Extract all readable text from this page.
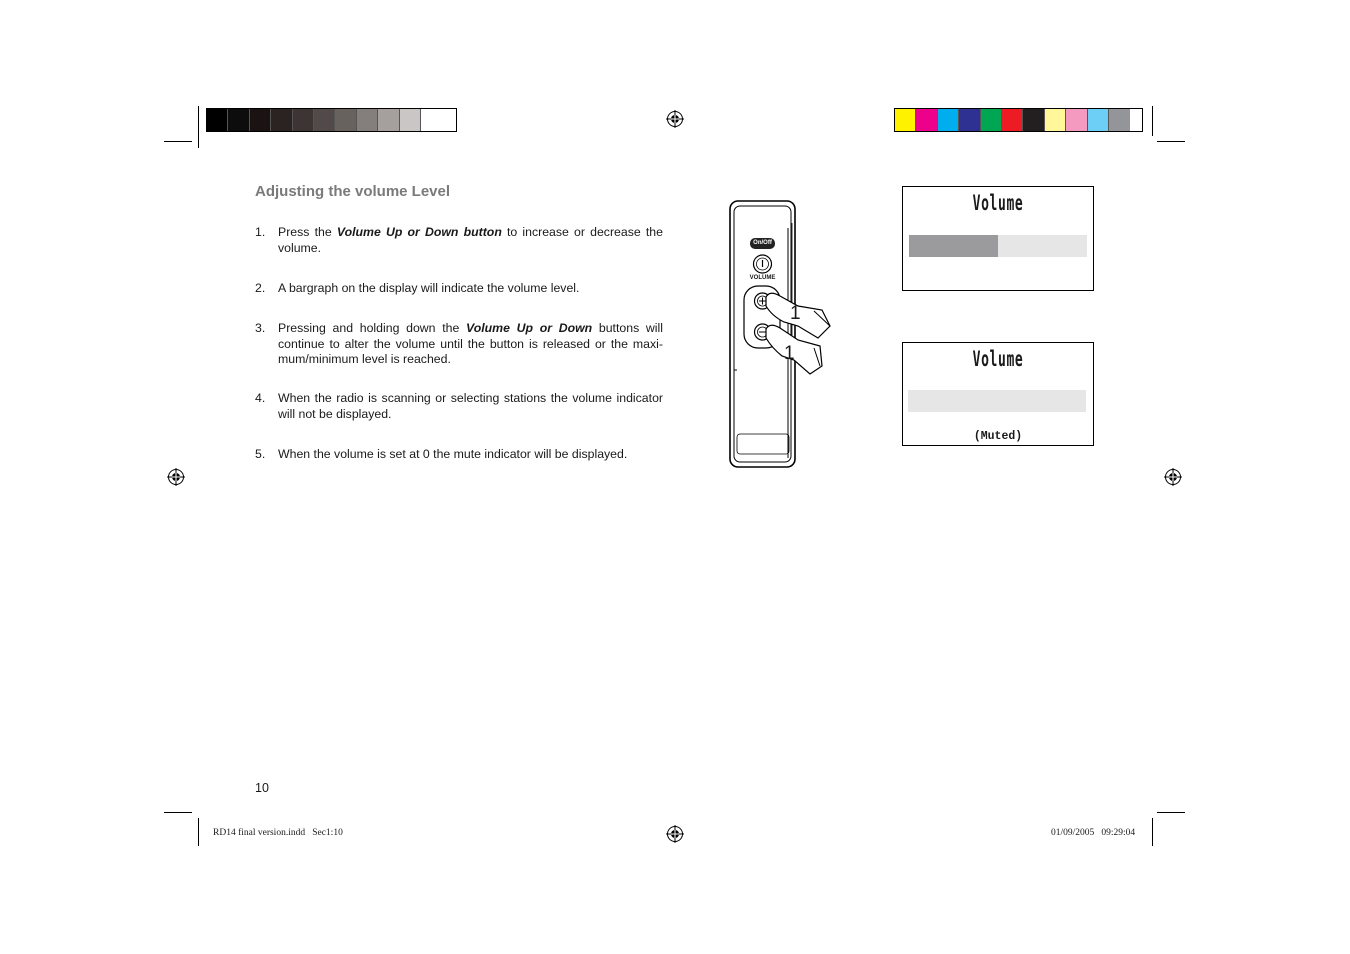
Adjusting the volume Level
1.	Press the Volume Up or Down button to increase or decrease the volume.
2.	A bargraph on the display will indicate the volume level.
3.	Pressing and holding down the Volume Up or Down buttons will continue to alter the volume until the button is released or the maxi-mum/minimum level is reached.
4.	When the radio is scanning or selecting stations the volume indicator will not be displayed.
5.	When the volume is set at 0 the mute indicator will be displayed.
On/Off
VOLUME
1
1
Volume
Volume
(Muted)
10
RD14 final version.indd   Sec1:10	01/09/2005   09:29:04
